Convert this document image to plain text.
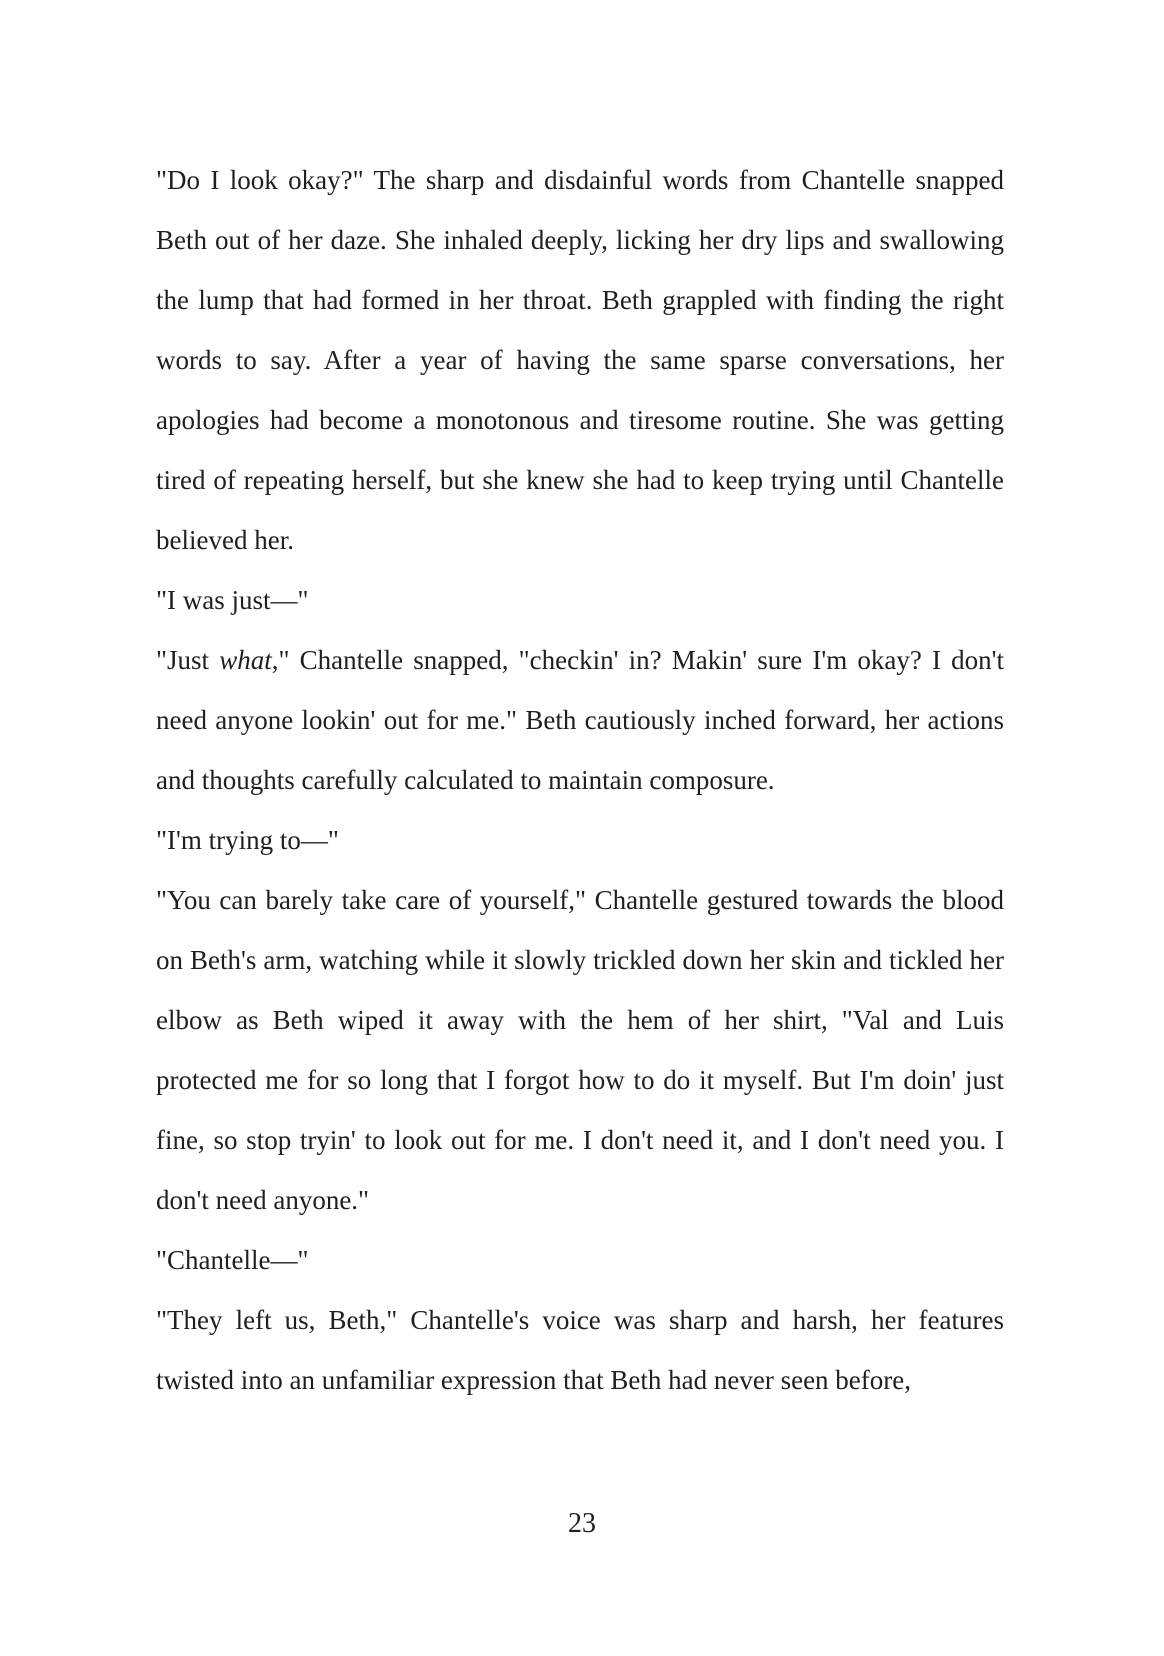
"Do I look okay?" The sharp and disdainful words from Chantelle snapped Beth out of her daze. She inhaled deeply, licking her dry lips and swallowing the lump that had formed in her throat. Beth grappled with finding the right words to say. After a year of having the same sparse conversations, her apologies had become a monotonous and tiresome routine. She was getting tired of repeating herself, but she knew she had to keep trying until Chantelle believed her.

"I was just—"

"Just what," Chantelle snapped, "checkin' in? Makin' sure I'm okay? I don't need anyone lookin' out for me." Beth cautiously inched forward, her actions and thoughts carefully calculated to maintain composure.

"I'm trying to—"

"You can barely take care of yourself," Chantelle gestured towards the blood on Beth's arm, watching while it slowly trickled down her skin and tickled her elbow as Beth wiped it away with the hem of her shirt, "Val and Luis protected me for so long that I forgot how to do it myself. But I'm doin' just fine, so stop tryin' to look out for me. I don't need it, and I don't need you. I don't need anyone."

"Chantelle—"

"They left us, Beth," Chantelle's voice was sharp and harsh, her features twisted into an unfamiliar expression that Beth had never seen before,

23
